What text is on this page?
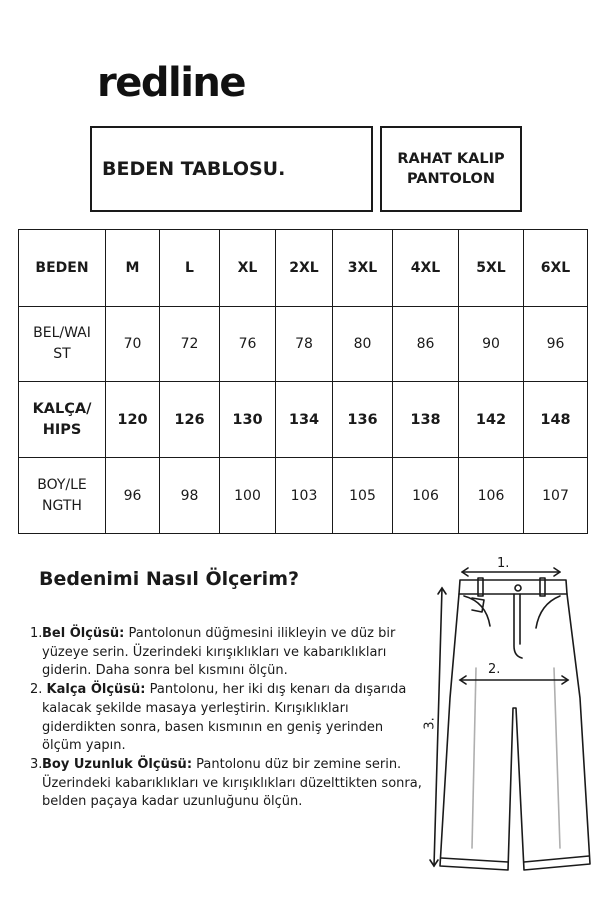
redline
BEDEN TABLOSU.	RAHAT KALIP
PANTOLON
BEDEN	M	L	XL	2XL	3XL	4XL	5XL	6XL

BEL/WAI
ST	70	72	76	78	80	86	90	96

KALÇA/
HIPS	120	126	130	134	136	138	142	148

BOY/LE
NGTH	96	98	100	103	105	106	106	107
Bedenimi Nasıl Ölçerim?
1. Bel Ölçüsü: Pantolonun düğmesini ilikleyin ve düz bir
yüzeye serin. Üzerindeki kırışıklıkları ve kabarıklıkları
giderin. Daha sonra bel kısmını ölçün.
2. Kalça Ölçüsü: Pantolonu, her iki dış kenarı da dışarıda
kalacak şekilde masaya yerleştirin. Kırışıklıkları
giderdikten sonra, basen kısmının en geniş yerinden
ölçüm yapın.
3. Boy Uzunluk Ölçüsü: Pantolonu düz bir zemine serin.
Üzerindeki kabarıklıkları ve kırışıklıkları düzelttikten sonra,
belden paçaya kadar uzunluğunu ölçün.
1.
2.
3.
